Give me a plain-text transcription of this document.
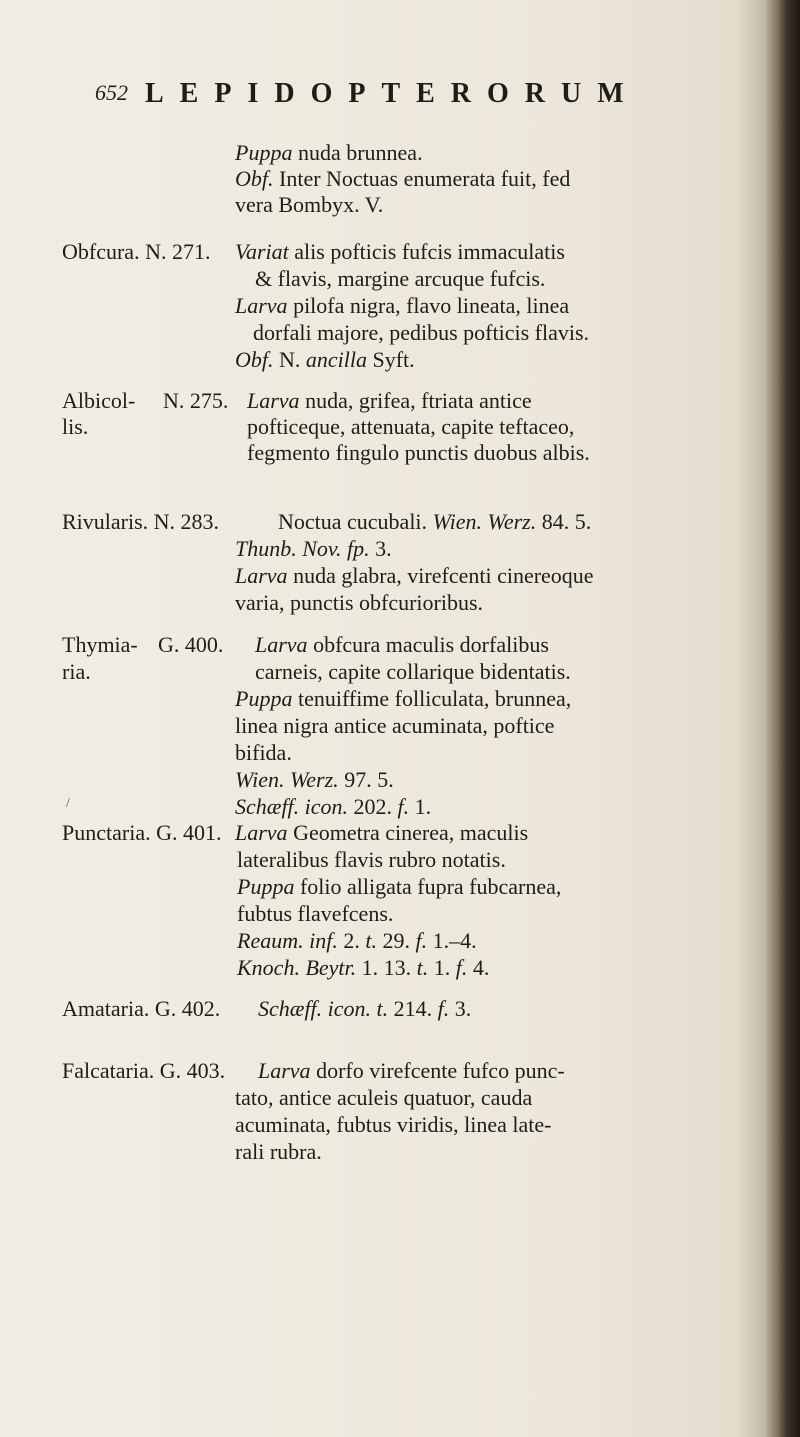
652 LEPIDOPTERORUM
Puppa nuda brunnea.
Obf. Inter Noctuas enumerata fuit, fed
vera Bombyx. V.
Obfcura. N. 271. Variat alis pofticis fufcis immaculatis
& flavis, margine arcuque fufcis.
Larva pilofa nigra, flavo lineata, linea
dorfali majore, pedibus pofticis flavis.
Obf. N. ancilla Syft.
Albicol-
lis.
N. 275. Larva nuda, grifea, ftriata antice
pofticeque, attenuata, capite teftaceo,
fegmento fingulo punctis duobus albis.
Rivularis. N. 283.	Noctua cucubali. Wien. Werz. 84. 5.
Thunb. Nov. fp. 3.
Larva nuda glabra, virefcenti cinereoque
varia, punctis obfcurioribus.
Thymia-
ria.
G. 400. Larva obfcura maculis dorfalibus
carneis, capite collarique bidentatis.
Puppa tenuiffime folliculata, brunnea,
linea nigra antice acuminata, poftice
bifida.
Wien. Werz. 97. 5.
Schæff. icon. 202. f. 1.
/
Punctaria. G. 401. Larva Geometra cinerea, maculis
lateralibus flavis rubro notatis.
Puppa folio alligata fupra fubcarnea,
fubtus flavefcens.
Reaum. inf. 2. t. 29. f. 1.–4.
Knoch. Beytr. 1. 13. t. 1. f. 4.
Amataria. G. 402. Schæff. icon. t. 214. f. 3.
Falcataria. G. 403. Larva dorfo virefcente fufco punc-
tato, antice aculeis quatuor, cauda
acuminata, fubtus viridis, linea late-
rali rubra.
